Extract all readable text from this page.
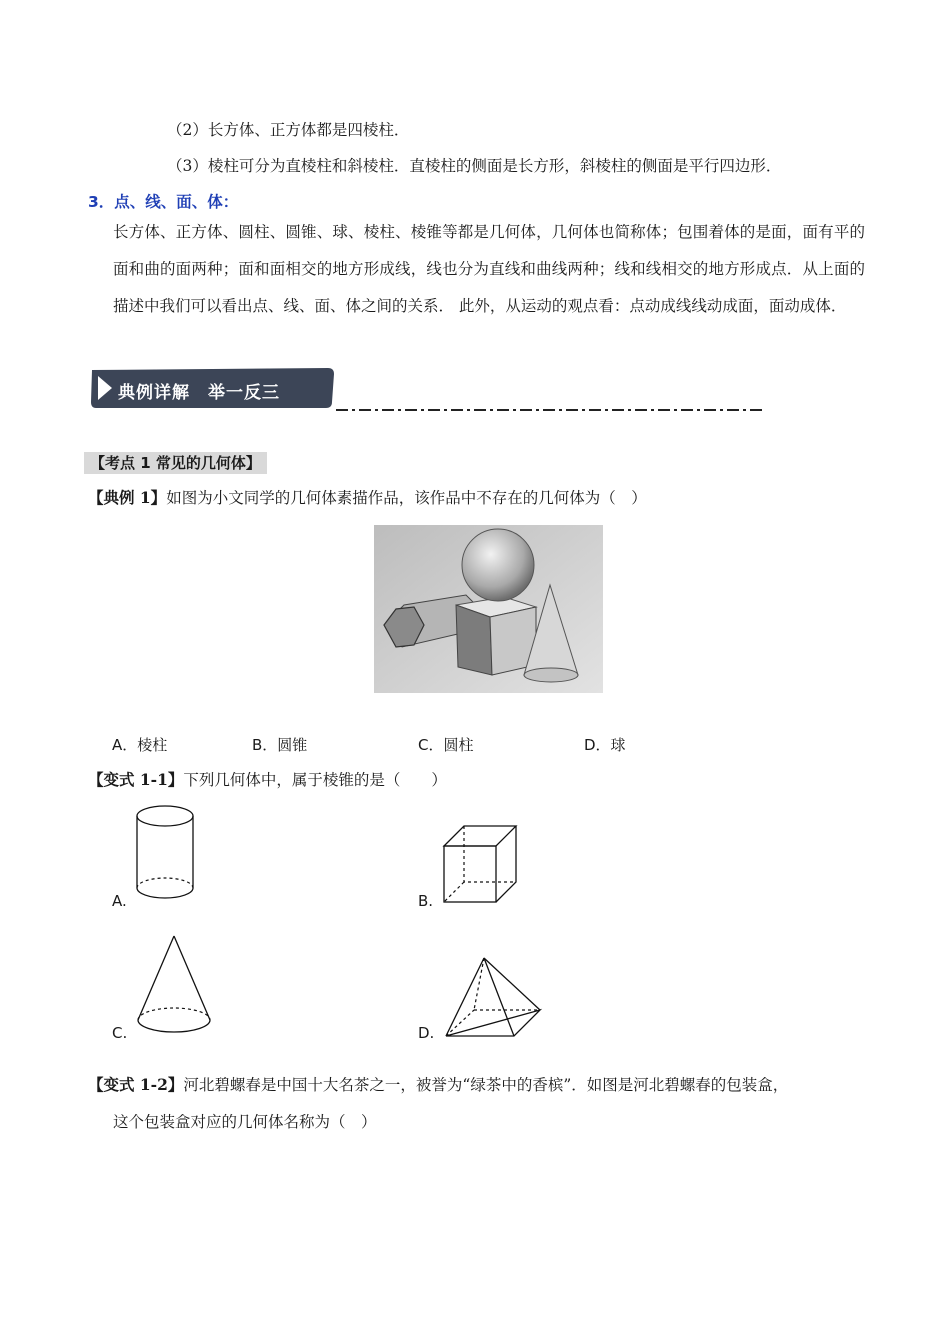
（2）长方体、正方体都是四棱柱．
（3）棱柱可分为直棱柱和斜棱柱．直棱柱的侧面是长方形，斜棱柱的侧面是平行四边形．
3．点、线、面、体：
长方体、正方体、圆柱、圆锥、球、棱柱、棱锥等都是几何体，几何体也简称体；包围着体的是面，面有平的面和曲的面两种；面和面相交的地方形成线，线也分为直线和曲线两种；线和线相交的地方形成点．从上面的描述中我们可以看出点、线、面、体之间的关系． 此外，从运动的观点看：点动成线线动成面，面动成体．
典例详解　举一反三
【考点 1 常见的几何体】
【典例 1】如图为小文同学的几何体素描作品，该作品中不存在的几何体为（　）
A．棱柱	B．圆锥	C．圆柱	D．球
【变式 1-1】下列几何体中，属于棱锥的是（　　）
A.	B.
C.	D.
【变式 1-2】河北碧螺春是中国十大名茶之一，被誉为“绿茶中的香槟”．如图是河北碧螺春的包装盒，
这个包装盒对应的几何体名称为（　）
